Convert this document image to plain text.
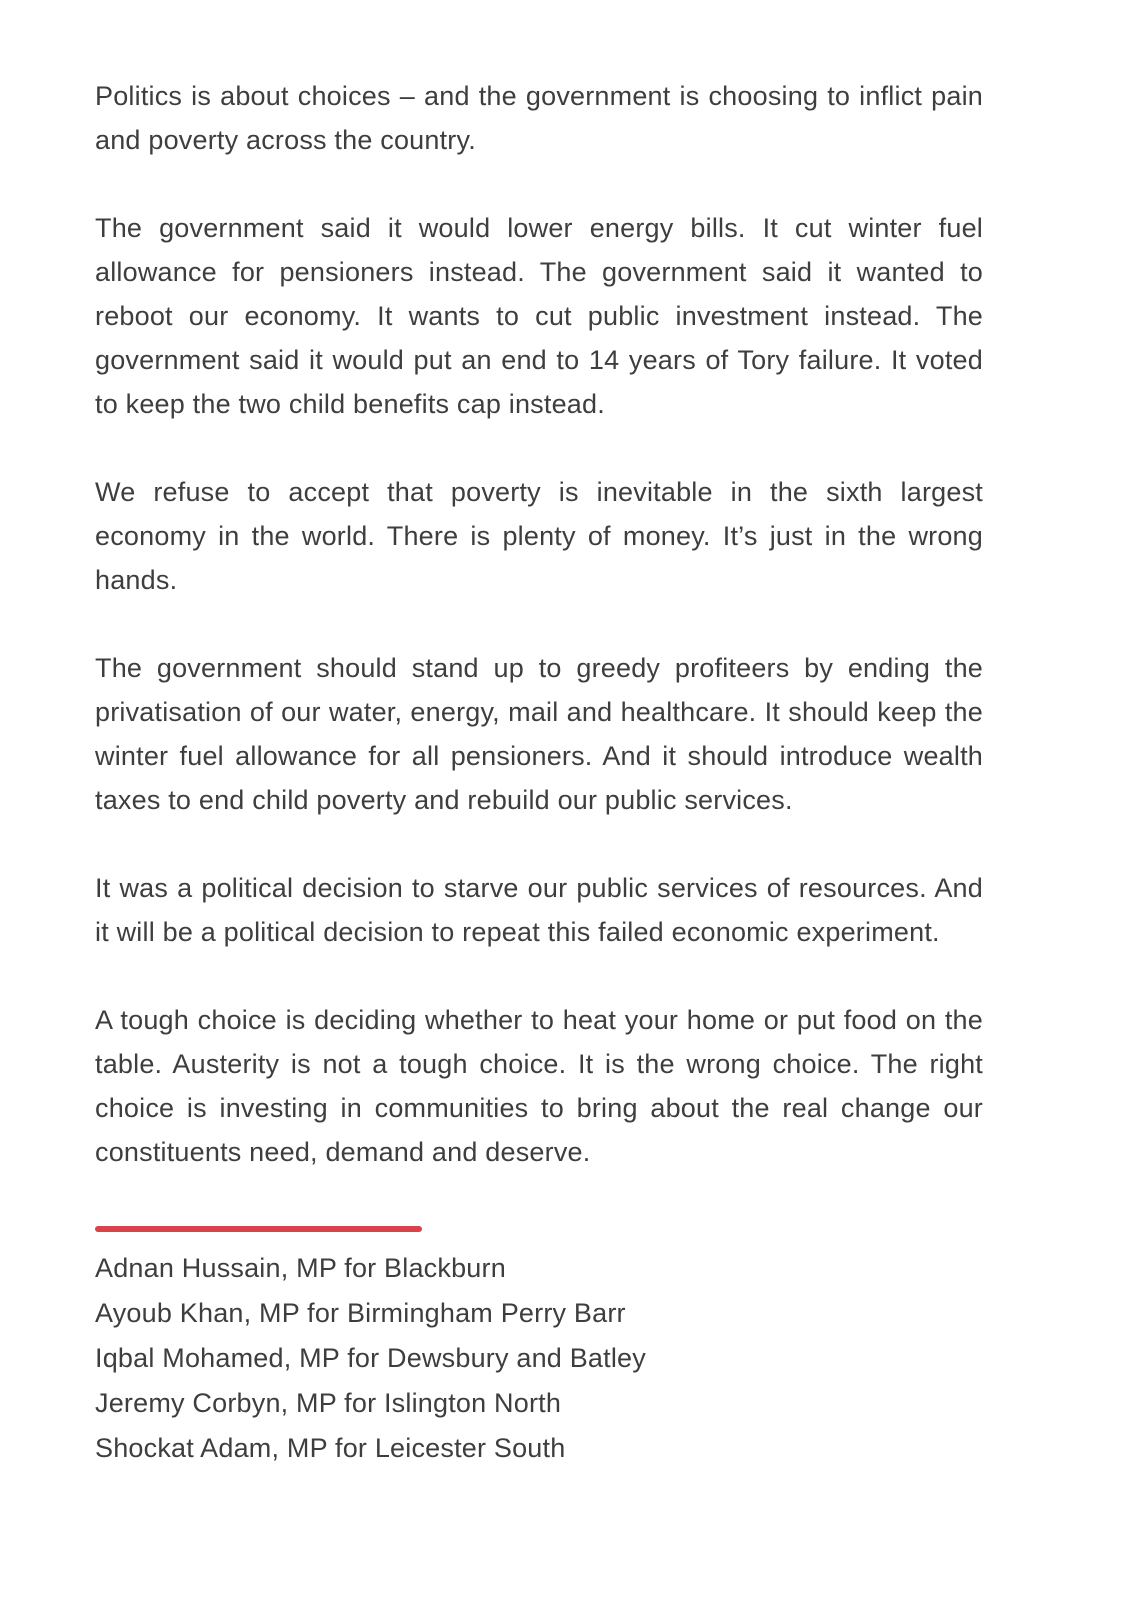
Politics is about choices – and the government is choosing to inflict pain and poverty across the country.

The government said it would lower energy bills. It cut winter fuel allowance for pensioners instead. The government said it wanted to reboot our economy. It wants to cut public investment instead. The government said it would put an end to 14 years of Tory failure. It voted to keep the two child benefits cap instead.

We refuse to accept that poverty is inevitable in the sixth largest economy in the world. There is plenty of money. It’s just in the wrong hands.

The government should stand up to greedy profiteers by ending the privatisation of our water, energy, mail and healthcare. It should keep the winter fuel allowance for all pensioners. And it should introduce wealth taxes to end child poverty and rebuild our public services.

It was a political decision to starve our public services of resources. And it will be a political decision to repeat this failed economic experiment.

A tough choice is deciding whether to heat your home or put food on the table. Austerity is not a tough choice. It is the wrong choice. The right choice is investing in communities to bring about the real change our constituents need, demand and deserve.

Adnan Hussain, MP for Blackburn

Ayoub Khan, MP for Birmingham Perry Barr

Iqbal Mohamed, MP for Dewsbury and Batley

Jeremy Corbyn, MP for Islington North

Shockat Adam, MP for Leicester South
